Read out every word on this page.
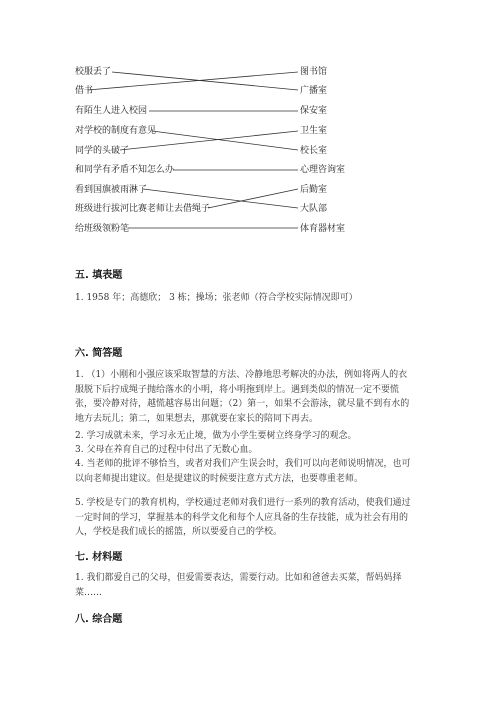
校服丢了
借书
有陌生人进入校园
对学校的制度有意见
同学的头破了
和同学有矛盾不知怎么办
看到国旗被雨淋了
班级进行拔河比赛老师让去借绳子
给班级领粉笔
图书馆
广播室
保安室
卫生室
校长室
心理咨询室
后勤室
大队部
体育器材室
五. 填表题

1. 1958 年；高德欣； 3 栋；操场；张老师（符合学校实际情况即可）

六. 简答题

1. （1）小刚和小强应该采取智慧的方法、冷静地思考解决的办法，例如将两人的衣服脱下后拧成绳子抛给落水的小明，将小明拖到岸上。遇到类似的情况一定不要慌张，要冷静对待，越慌越容易出问题；（2）第一，如果不会游泳，就尽量不到有水的地方去玩儿；第二，如果想去，那就要在家长的陪同下再去。

2. 学习成就未来，学习永无止境，做为小学生要树立终身学习的观念。

3. 父母在养育自己的过程中付出了无数心血。

4. 当老师的批评不够恰当，或者对我们产生误会时，我们可以向老师说明情况，也可以向老师提出建议。但是提建议的时候要注意方式方法，也要尊重老师。

5. 学校是专门的教育机构，学校通过老师对我们进行一系列的教育活动，使我们通过一定时间的学习，掌握基本的科学文化和每个人应具备的生存技能，成为社会有用的人，学校是我们成长的摇篮，所以要爱自己的学校。

七. 材料题

1. 我们都爱自己的父母，但爱需要表达，需要行动。比如和爸爸去买菜，帮妈妈择菜……

八. 综合题
